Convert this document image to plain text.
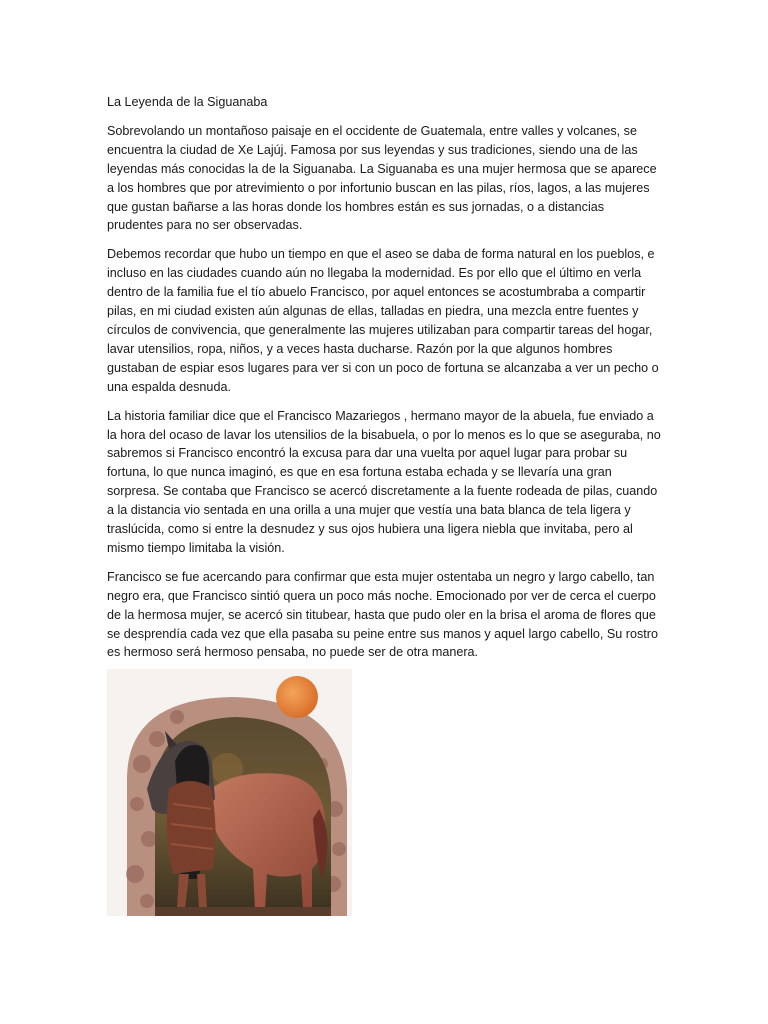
La Leyenda de la Siguanaba

Sobrevolando un montañoso paisaje en el occidente de Guatemala, entre valles y volcanes, se encuentra la ciudad de Xe Lajúj. Famosa por sus leyendas y sus tradiciones, siendo una de las leyendas más conocidas la de la Siguanaba. La Siguanaba es una mujer hermosa que se aparece a los hombres que por atrevimiento o por infortunio buscan en las pilas, ríos, lagos, a las mujeres que gustan bañarse a las horas donde los hombres están es sus jornadas, o a distancias prudentes para no ser observadas.

Debemos recordar que hubo un tiempo en que el aseo se daba de forma natural en los pueblos, e incluso en las ciudades cuando aún no llegaba la modernidad. Es por ello que el último en verla dentro de la familia fue el tío abuelo Francisco, por aquel entonces se acostumbraba a compartir pilas, en mi ciudad existen aún algunas de ellas, talladas en piedra, una mezcla entre fuentes y círculos de convivencia, que generalmente las mujeres utilizaban para compartir tareas del hogar, lavar utensilios, ropa, niños, y a veces hasta ducharse. Razón por la que algunos hombres gustaban de espiar esos lugares para ver si con un poco de fortuna se alcanzaba a ver un pecho o una espalda desnuda.

La historia familiar dice que el Francisco Mazariegos , hermano mayor de la abuela, fue enviado a la hora del ocaso de lavar los utensilios de la bisabuela, o por lo menos es lo que se aseguraba, no sabremos si Francisco encontró la excusa para dar una vuelta por aquel lugar para probar su fortuna, lo que nunca imaginó, es que en esa fortuna estaba echada y se llevaría una gran sorpresa. Se contaba que Francisco se acercó discretamente a la fuente rodeada de pilas, cuando a la distancia vio sentada en una orilla a una mujer que vestía una bata blanca de tela ligera y traslúcida, como si entre la desnudez y sus ojos hubiera una ligera niebla que invitaba, pero al mismo tiempo limitaba la visión.

Francisco se fue acercando para confirmar que esta mujer ostentaba un negro y largo cabello, tan negro era, que Francisco sintió quera un poco más noche. Emocionado por ver de cerca el cuerpo de la hermosa mujer, se acercó sin titubear, hasta que pudo oler en la brisa el aroma de flores que se desprendía cada vez que ella pasaba su peine entre sus manos y aquel largo cabello, Su rostro es hermoso será hermoso pensaba, no puede ser de otra manera.
